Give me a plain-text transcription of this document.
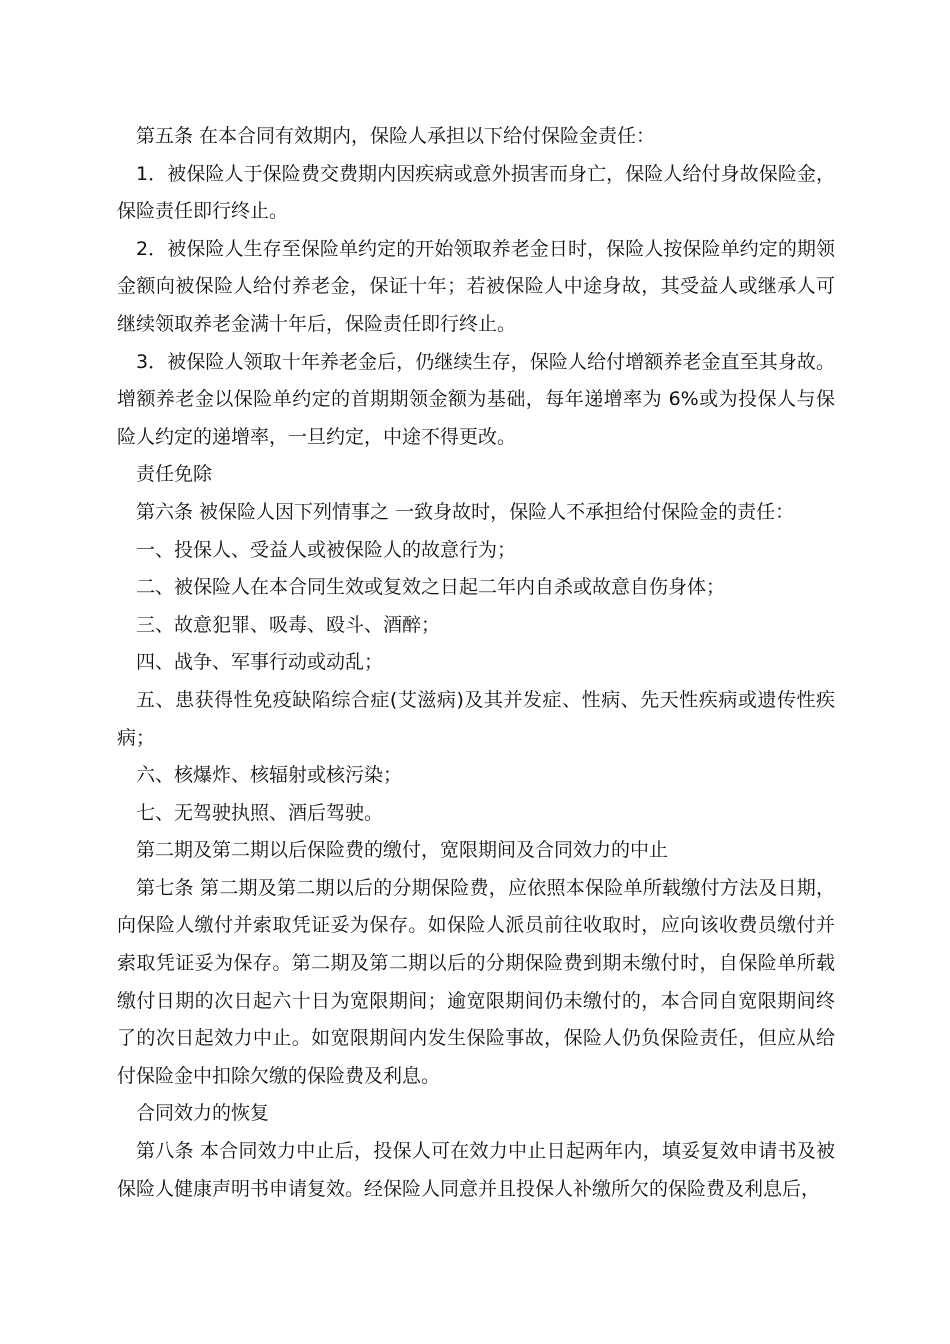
第五条 在本合同有效期内，保险人承担以下给付保险金责任：

1．被保险人于保险费交费期内因疾病或意外损害而身亡，保险人给付身故保险金，保险责任即行终止。

2．被保险人生存至保险单约定的开始领取养老金日时，保险人按保险单约定的期领金额向被保险人给付养老金，保证十年；若被保险人中途身故，其受益人或继承人可继续领取养老金满十年后，保险责任即行终止。

3．被保险人领取十年养老金后，仍继续生存，保险人给付增额养老金直至其身故。增额养老金以保险单约定的首期期领金额为基础，每年递增率为 6%或为投保人与保险人约定的递增率，一旦约定，中途不得更改。

责任免除

第六条 被保险人因下列情事之 一致身故时，保险人不承担给付保险金的责任：

一、投保人、受益人或被保险人的故意行为；

二、被保险人在本合同生效或复效之日起二年内自杀或故意自伤身体；

三、故意犯罪、吸毒、殴斗、酒醉；

四、战争、军事行动或动乱；

五、患获得性免疫缺陷综合症(艾滋病)及其并发症、性病、先天性疾病或遗传性疾病；

六、核爆炸、核辐射或核污染；

七、无驾驶执照、酒后驾驶。

第二期及第二期以后保险费的缴付，宽限期间及合同效力的中止

第七条 第二期及第二期以后的分期保险费，应依照本保险单所载缴付方法及日期，向保险人缴付并索取凭证妥为保存。如保险人派员前往收取时，应向该收费员缴付并索取凭证妥为保存。第二期及第二期以后的分期保险费到期未缴付时，自保险单所载缴付日期的次日起六十日为宽限期间；逾宽限期间仍未缴付的，本合同自宽限期间终了的次日起效力中止。如宽限期间内发生保险事故，保险人仍负保险责任，但应从给付保险金中扣除欠缴的保险费及利息。

合同效力的恢复

第八条 本合同效力中止后，投保人可在效力中止日起两年内，填妥复效申请书及被保险人健康声明书申请复效。经保险人同意并且投保人补缴所欠的保险费及利息后，
